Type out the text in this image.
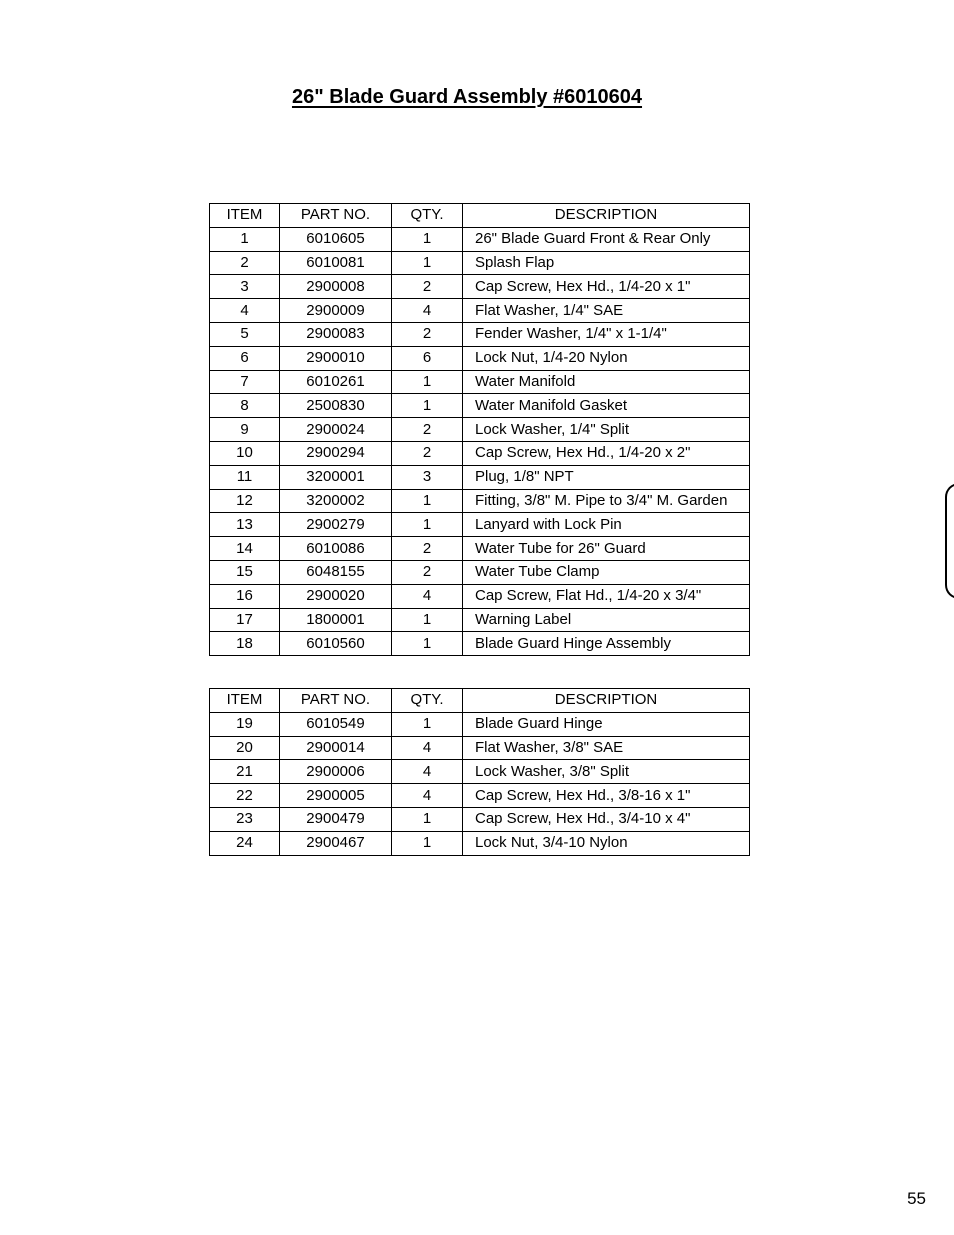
26" Blade Guard Assembly #6010604
ITEM	PART NO.	QTY.	DESCRIPTION
1	6010605	1	26" Blade Guard Front & Rear Only
2	6010081	1	Splash Flap
3	2900008	2	Cap Screw, Hex Hd., 1/4-20 x 1"
4	2900009	4	Flat Washer, 1/4" SAE
5	2900083	2	Fender Washer, 1/4" x 1-1/4"
6	2900010	6	Lock Nut, 1/4-20 Nylon
7	6010261	1	Water Manifold
8	2500830	1	Water Manifold Gasket
9	2900024	2	Lock Washer, 1/4" Split
10	2900294	2	Cap Screw, Hex Hd., 1/4-20 x 2"
11	3200001	3	Plug, 1/8" NPT
12	3200002	1	Fitting, 3/8" M. Pipe to 3/4" M. Garden
13	2900279	1	Lanyard with Lock Pin
14	6010086	2	Water Tube for 26" Guard
15	6048155	2	Water Tube Clamp
16	2900020	4	Cap Screw, Flat Hd., 1/4-20 x 3/4"
17	1800001	1	Warning Label
18	6010560	1	Blade Guard Hinge Assembly
ITEM	PART NO.	QTY.	DESCRIPTION
19	6010549	1	Blade Guard Hinge
20	2900014	4	Flat Washer, 3/8" SAE
21	2900006	4	Lock Washer, 3/8" Split
22	2900005	4	Cap Screw, Hex Hd., 3/8-16 x 1"
23	2900479	1	Cap Screw, Hex Hd., 3/4-10 x 4"
24	2900467	1	Lock Nut, 3/4-10 Nylon
55
